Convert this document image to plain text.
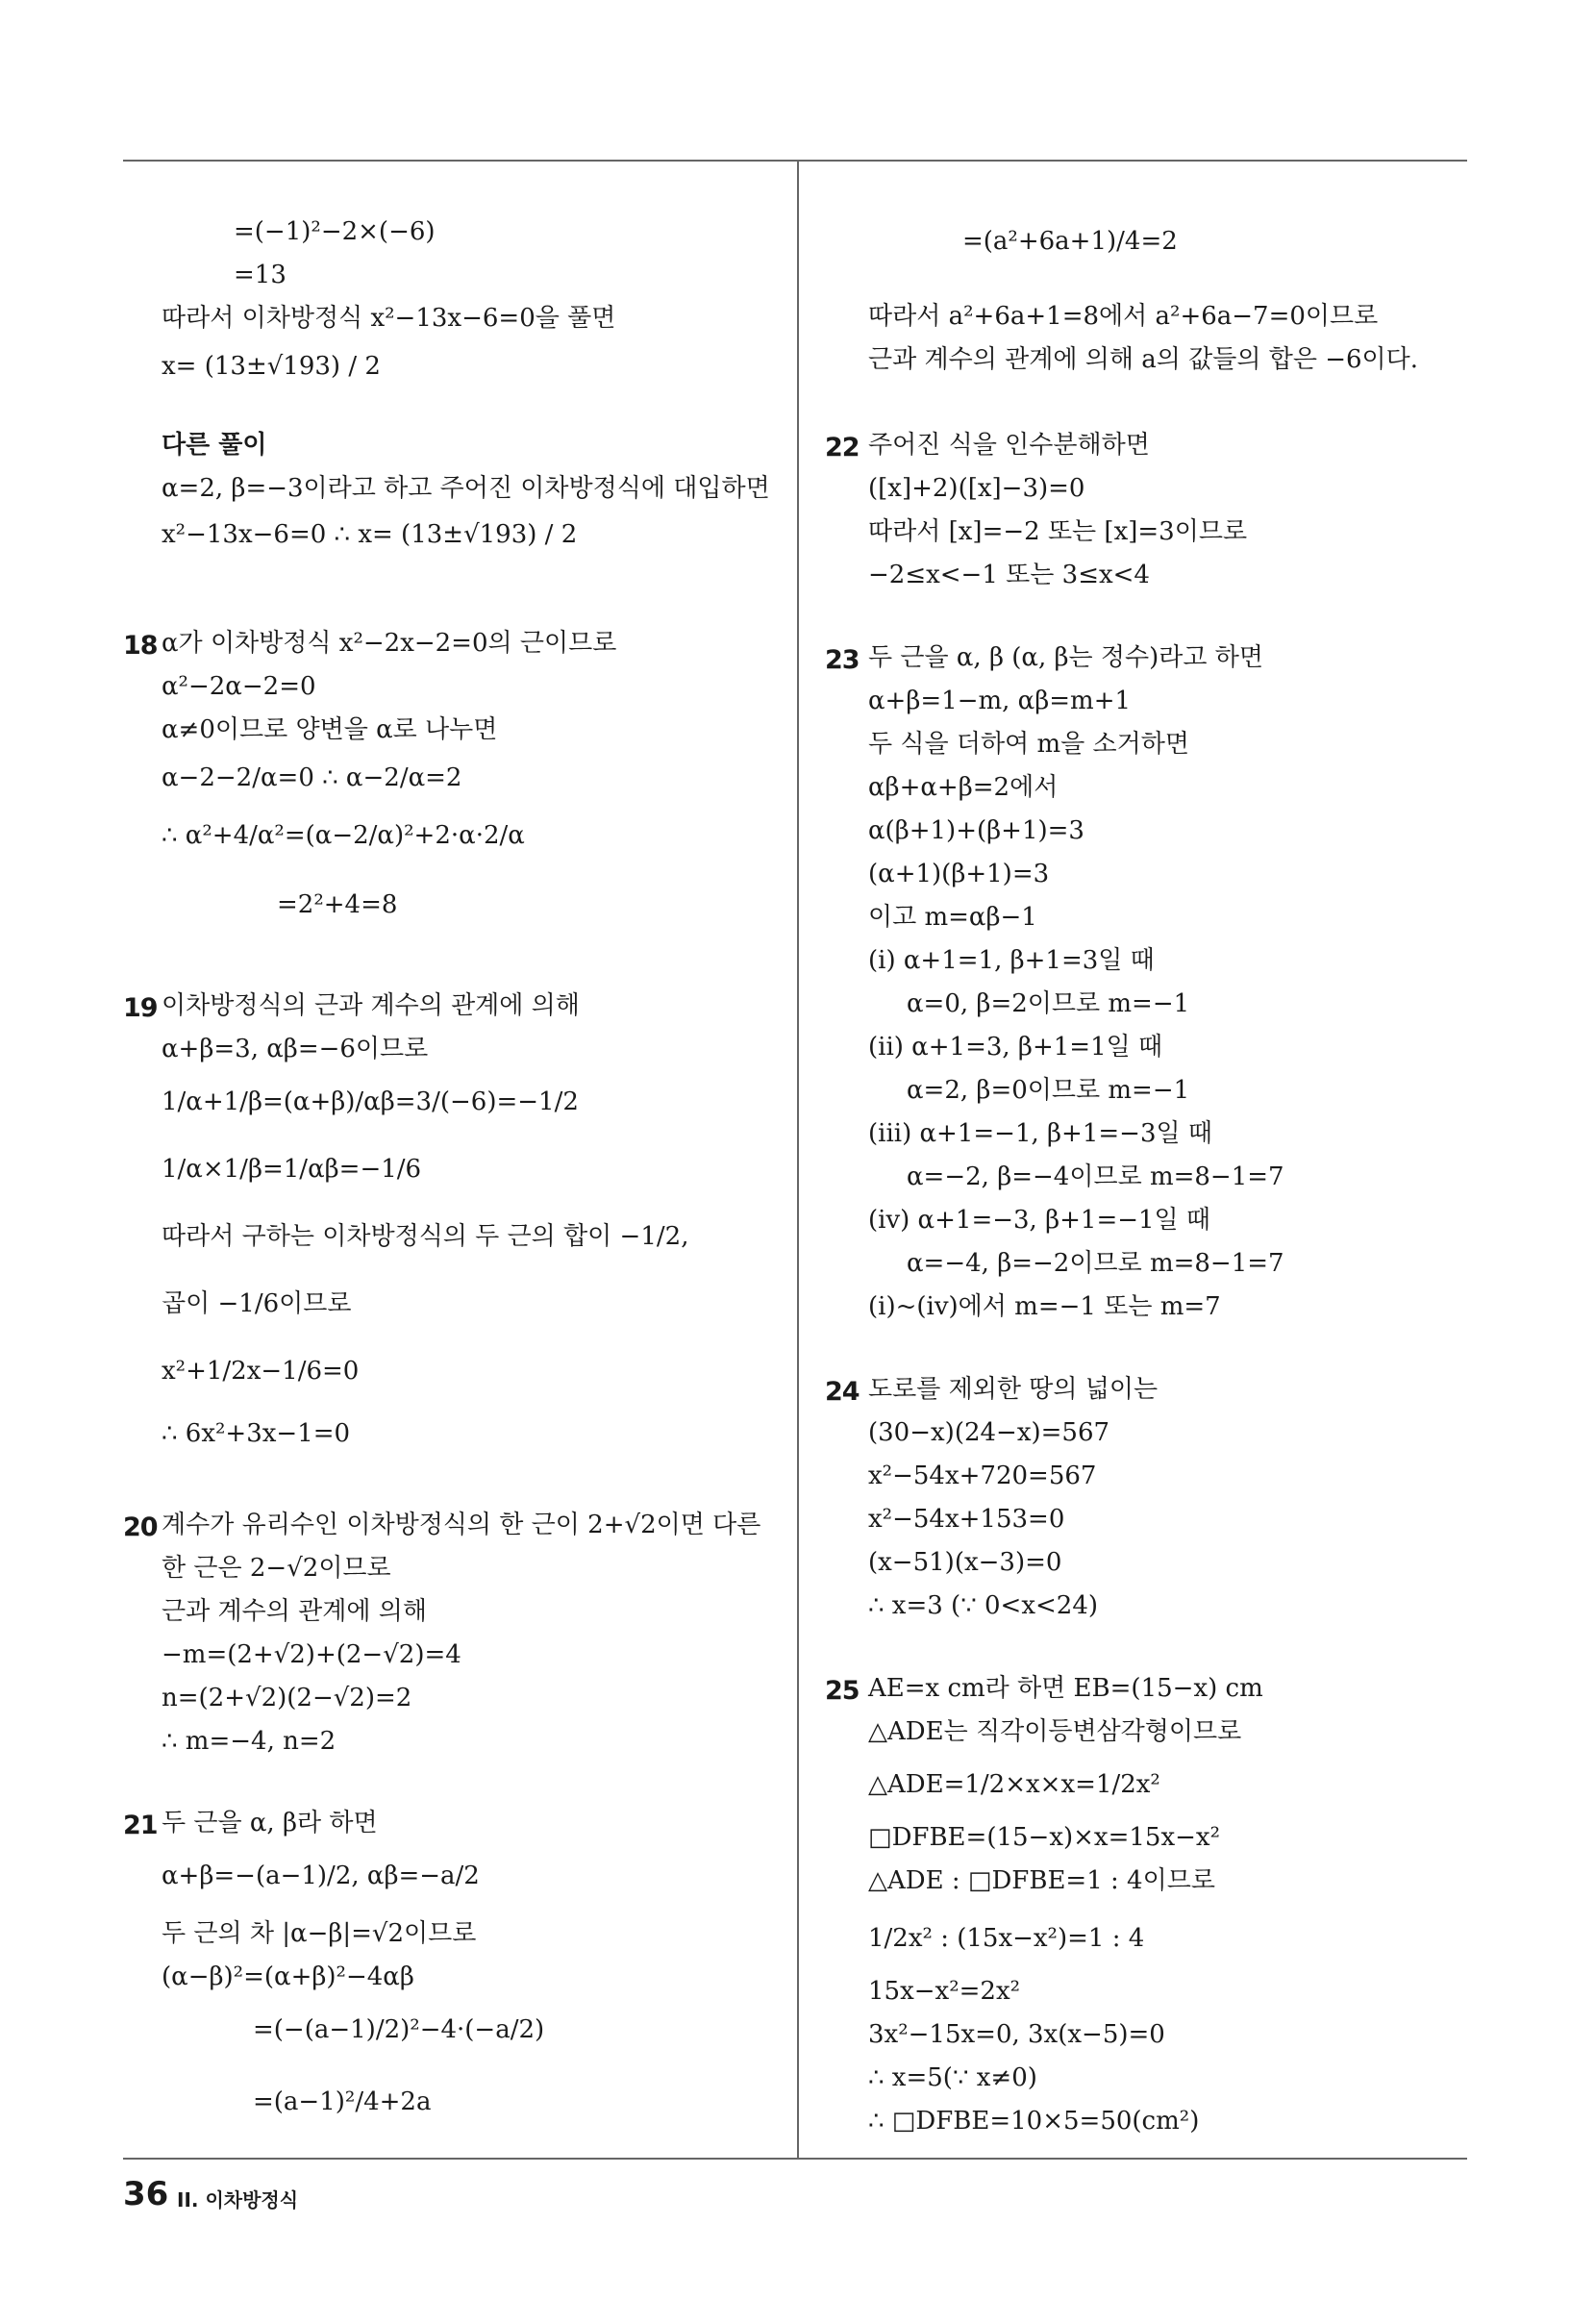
=(−1)²−2×(−6)
=13
따라서 이차방정식 x²−13x−6=0을 풀면
x= (13±√193) / 2
다른 풀이
α=2, β=−3이라고 하고 주어진 이차방정식에 대입하면
x²−13x−6=0 ∴ x= (13±√193) / 2
18 α가 이차방정식 x²−2x−2=0의 근이므로
α²−2α−2=0
α≠0이므로 양변을 α로 나누면
α−2−2/α=0 ∴ α−2/α=2
∴ α²+4/α²=(α−2/α)²+2·α·2/α
=2²+4=8
19 이차방정식의 근과 계수의 관계에 의해
α+β=3, αβ=−6이므로
1/α+1/β=(α+β)/αβ=3/(−6)=−1/2
1/α×1/β=1/αβ=−1/6
따라서 구하는 이차방정식의 두 근의 합이 −1/2,
곱이 −1/6이므로
x²+1/2x−1/6=0
∴ 6x²+3x−1=0
20 계수가 유리수인 이차방정식의 한 근이 2+√2이면 다른
한 근은 2−√2이므로
근과 계수의 관계에 의해
−m=(2+√2)+(2−√2)=4
n=(2+√2)(2−√2)=2
∴ m=−4, n=2
21 두 근을 α, β라 하면
α+β=−(a−1)/2, αβ=−a/2
두 근의 차 |α−β|=√2이므로
(α−β)²=(α+β)²−4αβ
=(−(a−1)/2)²−4·(−a/2)
=(a−1)²/4+2a
=(a²+6a+1)/4=2
따라서 a²+6a+1=8에서 a²+6a−7=0이므로
근과 계수의 관계에 의해 a의 값들의 합은 −6이다.
22 주어진 식을 인수분해하면
([x]+2)([x]−3)=0
따라서 [x]=−2 또는 [x]=3이므로
−2≤x<−1 또는 3≤x<4
23 두 근을 α, β (α, β는 정수)라고 하면
α+β=1−m, αβ=m+1
두 식을 더하여 m을 소거하면
αβ+α+β=2에서
α(β+1)+(β+1)=3
(α+1)(β+1)=3
이고 m=αβ−1
(i) α+1=1, β+1=3일 때
α=0, β=2이므로 m=−1
(ii) α+1=3, β+1=1일 때
α=2, β=0이므로 m=−1
(iii) α+1=−1, β+1=−3일 때
α=−2, β=−4이므로 m=8−1=7
(iv) α+1=−3, β+1=−1일 때
α=−4, β=−2이므로 m=8−1=7
(i)~(iv)에서 m=−1 또는 m=7
24 도로를 제외한 땅의 넓이는
(30−x)(24−x)=567
x²−54x+720=567
x²−54x+153=0
(x−51)(x−3)=0
∴ x=3 (∵ 0<x<24)
25 AE=x cm라 하면 EB=(15−x) cm
△ADE는 직각이등변삼각형이므로
△ADE=1/2×x×x=1/2x²
□DFBE=(15−x)×x=15x−x²
△ADE : □DFBE=1 : 4이므로
1/2x² : (15x−x²)=1 : 4
15x−x²=2x²
3x²−15x=0, 3x(x−5)=0
∴ x=5(∵ x≠0)
∴ □DFBE=10×5=50(cm²)
36 II. 이차방정식
